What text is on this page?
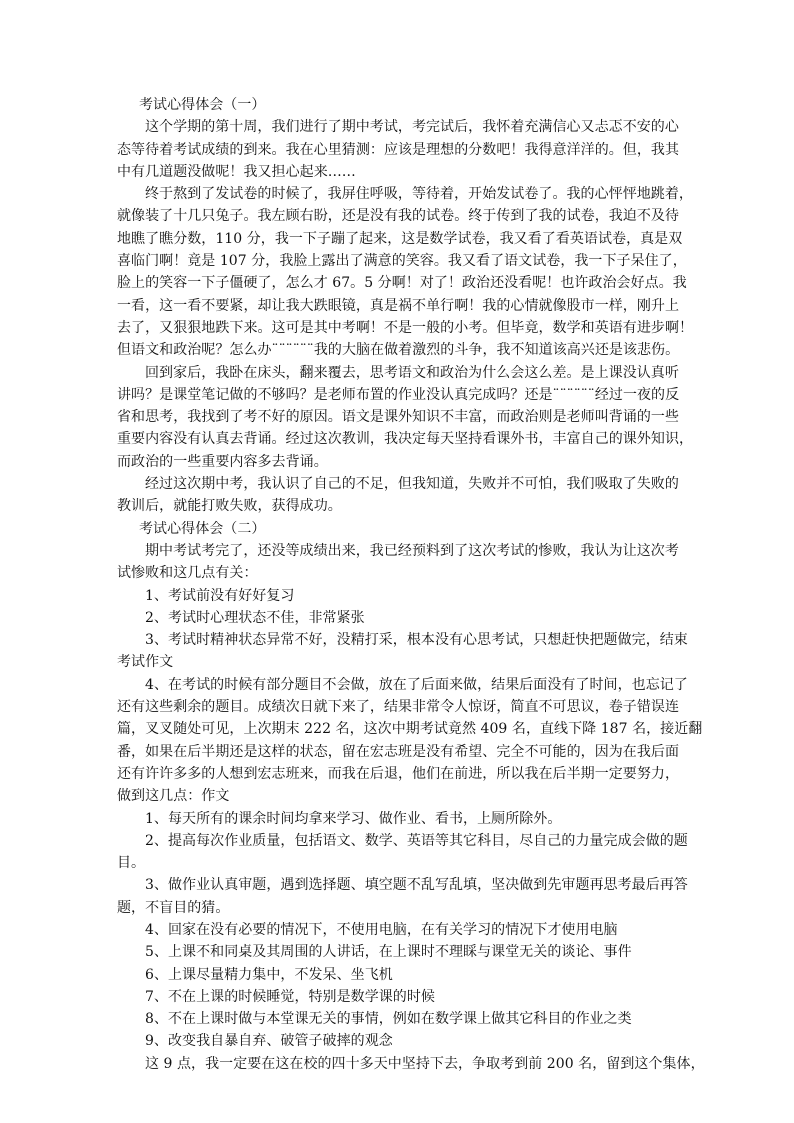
考试心得体会（一）
这个学期的第十周，我们进行了期中考试，考完试后，我怀着充满信心又忐忑不安的心
态等待着考试成绩的到来。我在心里猜测：应该是理想的分数吧！我得意洋洋的。但，我其
中有几道题没做呢！我又担心起来……
终于熬到了发试卷的时候了，我屏住呼吸，等待着，开始发试卷了。我的心怦怦地跳着，
就像装了十几只兔子。我左顾右盼，还是没有我的试卷。终于传到了我的试卷，我迫不及待
地瞧了瞧分数，110 分，我一下子蹦了起来，这是数学试卷，我又看了看英语试卷，真是双
喜临门啊！竟是 107 分，我脸上露出了满意的笑容。我又看了语文试卷，我一下子呆住了，
脸上的笑容一下子僵硬了，怎么才 67。5 分啊！对了！政治还没看呢！也许政治会好点。我
一看，这一看不要紧，却让我大跌眼镜，真是祸不单行啊！我的心情就像股市一样，刚升上
去了，又狠狠地跌下来。这可是其中考啊！不是一般的小考。但毕竟，数学和英语有进步啊！
但语文和政治呢？怎么办¨¨¨¨¨¨我的大脑在做着激烈的斗争，我不知道该高兴还是该悲伤。
回到家后，我卧在床头，翻来覆去，思考语文和政治为什么会这么差。是上课没认真听
讲吗？是课堂笔记做的不够吗？是老师布置的作业没认真完成吗？还是¨¨¨¨¨¨经过一夜的反
省和思考，我找到了考不好的原因。语文是课外知识不丰富，而政治则是老师叫背诵的一些
重要内容没有认真去背诵。经过这次教训，我决定每天坚持看课外书，丰富自己的课外知识，
而政治的一些重要内容多去背诵。
经过这次期中考，我认识了自己的不足，但我知道，失败并不可怕，我们吸取了失败的
教训后，就能打败失败，获得成功。
考试心得体会（二）
期中考试考完了，还没等成绩出来，我已经预料到了这次考试的惨败，我认为让这次考
试惨败和这几点有关：
1、考试前没有好好复习
2、考试时心理状态不佳，非常紧张
3、考试时精神状态异常不好，没精打采，根本没有心思考试，只想赶快把题做完，结束
考试作文
4、在考试的时候有部分题目不会做，放在了后面来做，结果后面没有了时间，也忘记了
还有这些剩余的题目。成绩次日就下来了，结果非常令人惊讶，简直不可思议，卷子错误连
篇，叉叉随处可见，上次期末 222 名，这次中期考试竟然 409 名，直线下降 187 名，接近翻
番，如果在后半期还是这样的状态，留在宏志班是没有希望、完全不可能的，因为在我后面
还有许许多多的人想到宏志班来，而我在后退，他们在前进，所以我在后半期一定要努力，
做到这几点：作文
1、每天所有的课余时间均拿来学习、做作业、看书，上厕所除外。
2、提高每次作业质量，包括语文、数学、英语等其它科目，尽自己的力量完成会做的题
目。
3、做作业认真审题，遇到选择题、填空题不乱写乱填，坚决做到先审题再思考最后再答
题，不盲目的猜。
4、回家在没有必要的情况下，不使用电脑，在有关学习的情况下才使用电脑
5、上课不和同桌及其周围的人讲话，在上课时不理睬与课堂无关的谈论、事件
6、上课尽量精力集中，不发呆、坐飞机
7、不在上课的时候睡觉，特别是数学课的时候
8、不在上课时做与本堂课无关的事情，例如在数学课上做其它科目的作业之类
9、改变我自暴自弃、破管子破摔的观念
这 9 点，我一定要在这在校的四十多天中坚持下去，争取考到前 200 名，留到这个集体，
